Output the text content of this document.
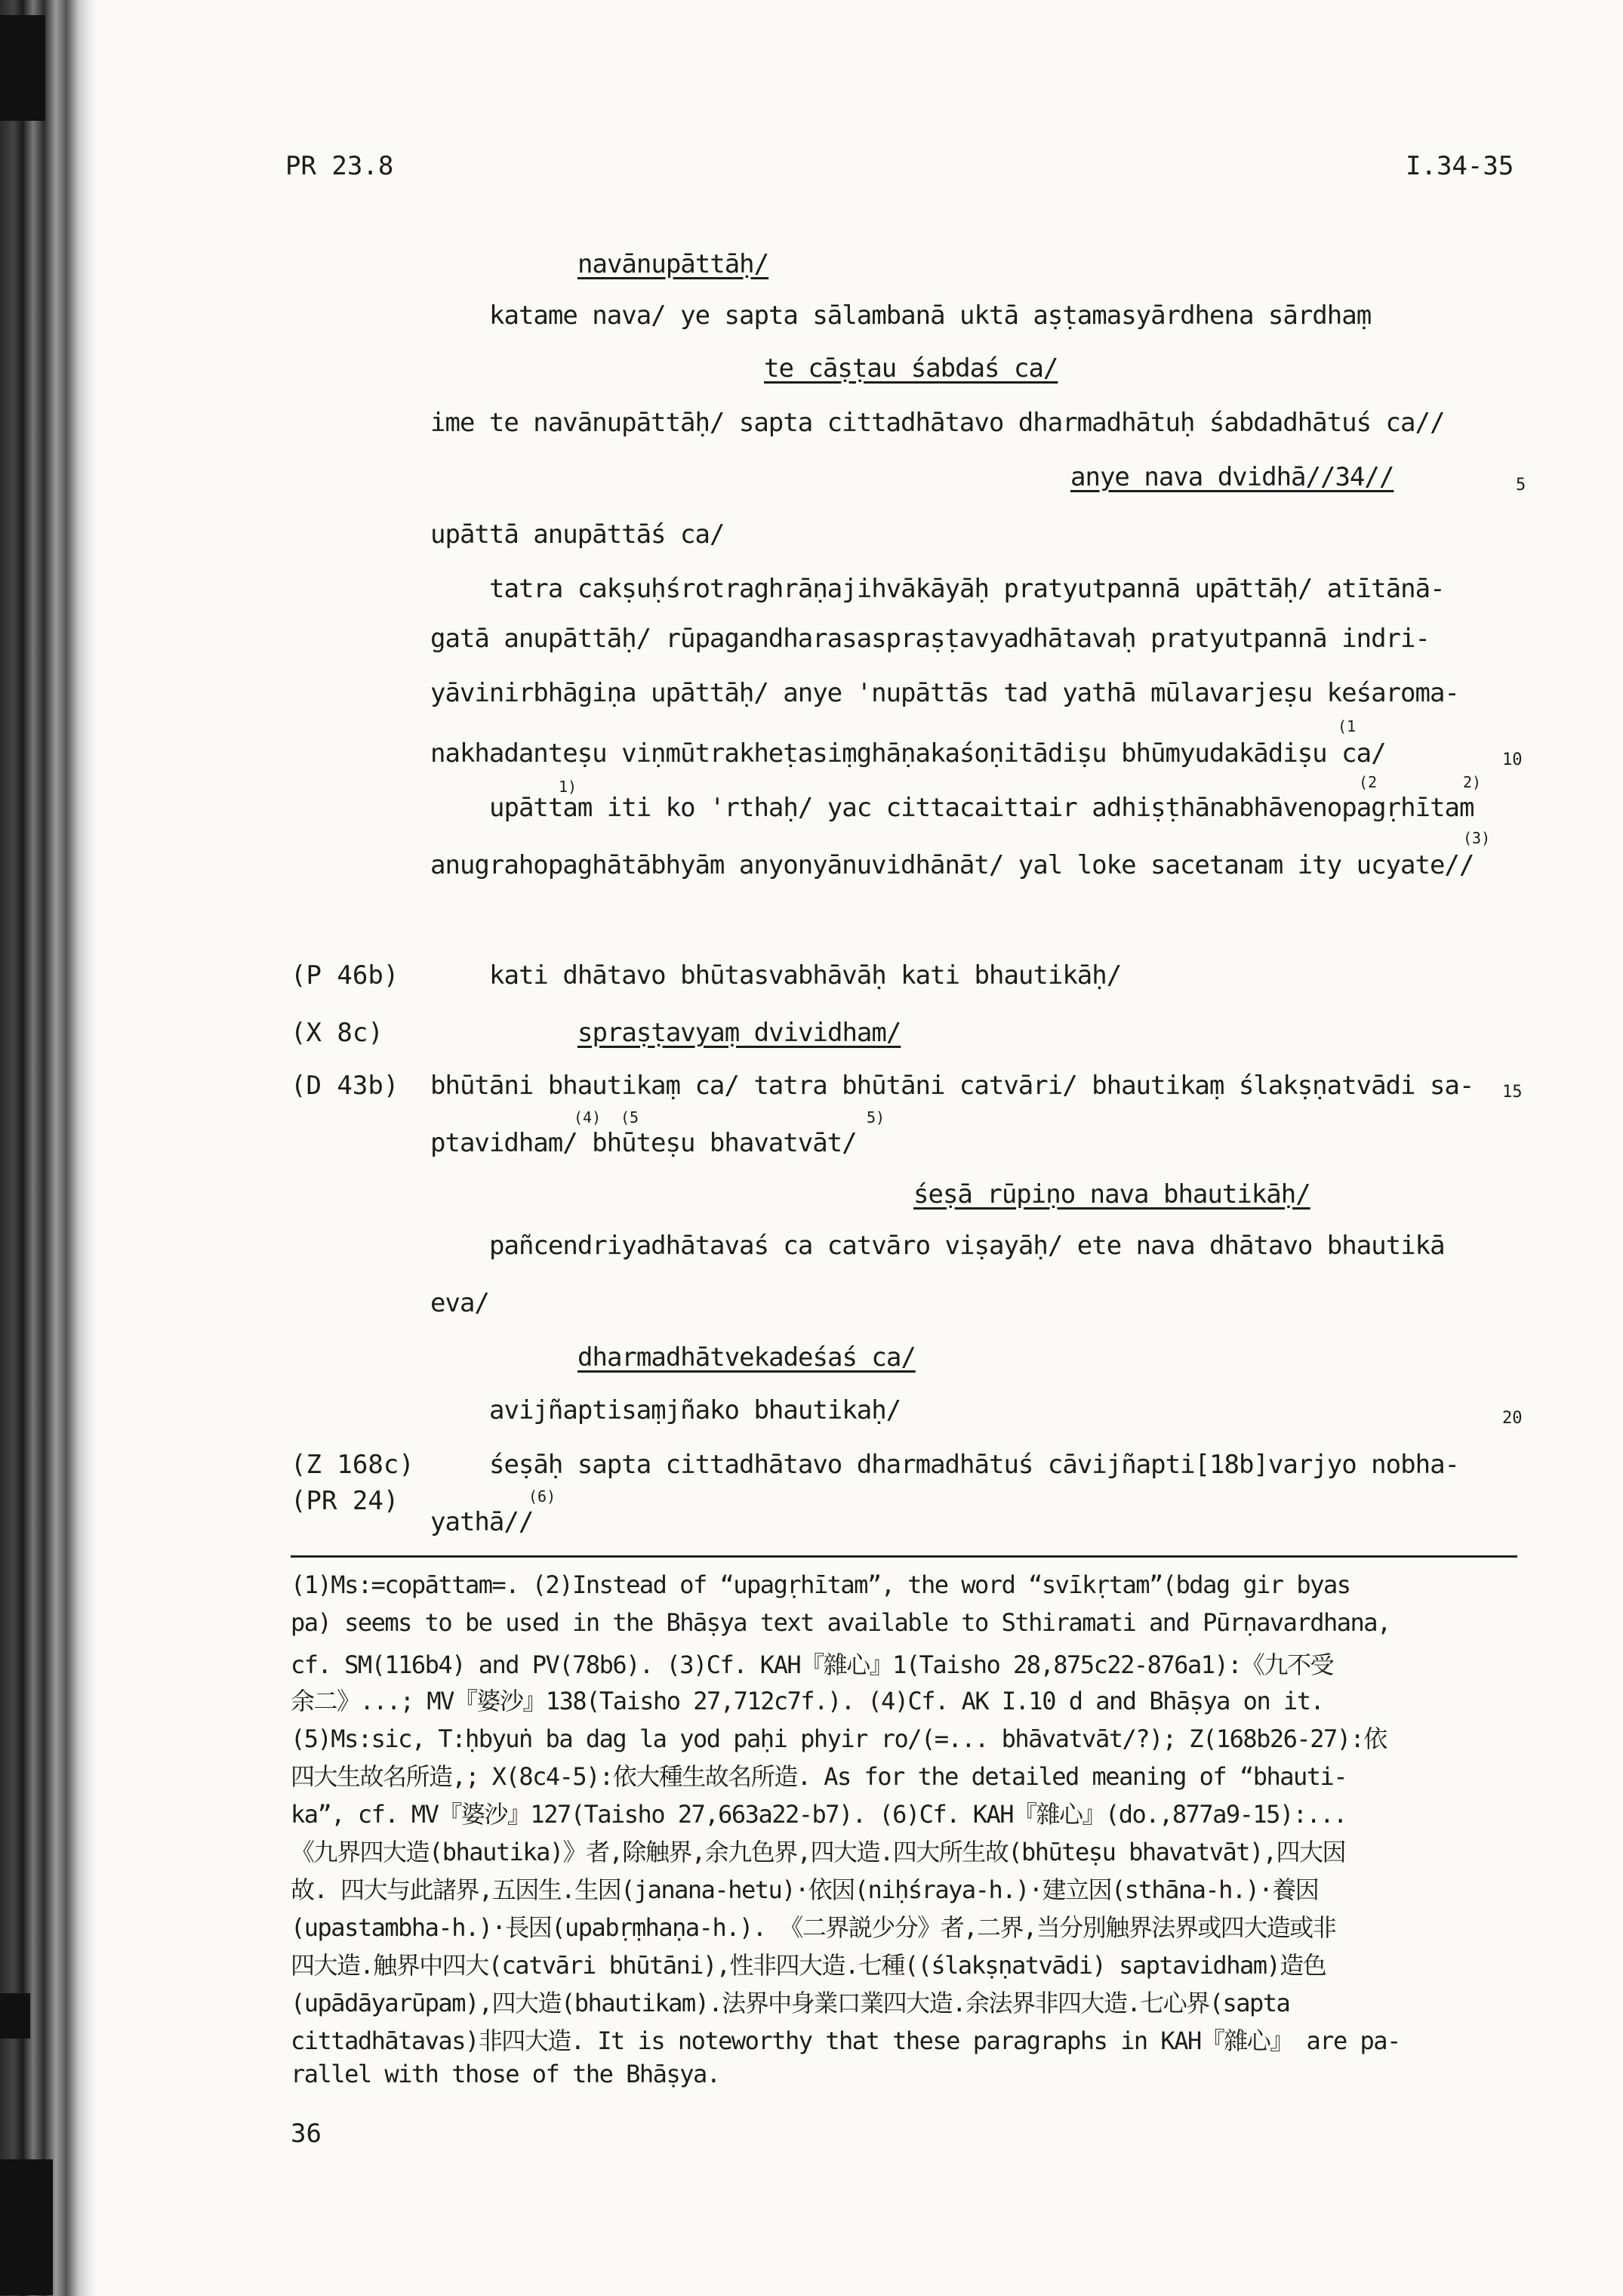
PR 23.8	I.34-35
navānupāttāḥ/
katame nava/ ye sapta sālambanā uktā aṣṭamasyārdhena sārdhaṃ
te cāṣṭau śabdaś ca/
ime te navānupāttāḥ/ sapta cittadhātavo dharmadhātuḥ śabdadhātuś ca//
anye nava dvidhā//34//
upāttā anupāttāś ca/
tatra cakṣuḥśrotraghrāṇajihvākāyāḥ pratyutpannā upāttāḥ/ atītānā-
gatā anupāttāḥ/ rūpagandharasaspraṣṭavyadhātavaḥ pratyutpannā indri-
yāvinirbhāgiṇa upāttāḥ/ anye 'nupāttās tad yathā mūlavarjeṣu keśaroma-
nakhadanteṣu viṇmūtrakheṭasiṃghāṇakaśoṇitādiṣu bhūmyudakādiṣu ca/
upāttam iti ko 'rthaḥ/ yac cittacaittair adhiṣṭhānabhāvenopagṛhītam
anugrahopaghātābhyām anyonyānuvidhānāt/ yal loke sacetanam ity ucyate//
kati dhātavo bhūtasvabhāvāḥ kati bhautikāḥ/
spraṣṭavyaṃ dvividham/
bhūtāni bhautikaṃ ca/ tatra bhūtāni catvāri/ bhautikaṃ ślakṣṇatvādi sa-
ptavidham/ bhūteṣu bhavatvāt/
śeṣā rūpiṇo nava bhautikāḥ/
pañcendriyadhātavaś ca catvāro viṣayāḥ/ ete nava dhātavo bhautikā
eva/
dharmadhātvekadeśaś ca/
avijñaptisaṃjñako bhautikaḥ/
śeṣāḥ sapta cittadhātavo dharmadhātuś cāvijñapti[18b]varjyo nobha-
yathā//
(1
1)	(2	2)
(3)
(4) (5	5)
(6)
5
10
15
20
(P 46b)
(X 8c)
(D 43b)
(Z 168c)
(PR 24)
(1)Ms:=copāttam=. (2)Instead of “upagṛhītam”, the word “svīkṛtam”(bdag gir byas
pa) seems to be used in the Bhāṣya text available to Sthiramati and Pūrṇavardhana,
cf. SM(116b4) and PV(78b6). (3)Cf. KAH『雜心』1(Taisho 28,875c22-876a1):《九不受
余二》...; MV『婆沙』138(Taisho 27,712c7f.). (4)Cf. AK I.10 d and Bhāṣya on it.
(5)Ms:sic, T:ḥbyuṅ ba dag la yod paḥi phyir ro/(=... bhāvatvāt/?); Z(168b26-27):依
四大生故名所造,; X(8c4-5):依大種生故名所造. As for the detailed meaning of “bhauti-
ka”, cf. MV『婆沙』127(Taisho 27,663a22-b7). (6)Cf. KAH『雜心』(do.,877a9-15):...
《九界四大造(bhautika)》者,除触界,余九色界,四大造.四大所生故(bhūteṣu bhavatvāt),四大因
故. 四大与此諸界,五因生.生因(janana-hetu)·依因(niḥśraya-h.)·建立因(sthāna-h.)·養因
(upastambha-h.)·長因(upabṛṃhaṇa-h.). 《二界説少分》者,二界,当分別触界法界或四大造或非
四大造.触界中四大(catvāri bhūtāni),性非四大造.七種((ślakṣṇatvādi) saptavidham)造色
(upādāyarūpam),四大造(bhautikam).法界中身業口業四大造.余法界非四大造.七心界(sapta
cittadhātavas)非四大造. It is noteworthy that these paragraphs in KAH『雜心』 are pa-
rallel with those of the Bhāṣya.
36
